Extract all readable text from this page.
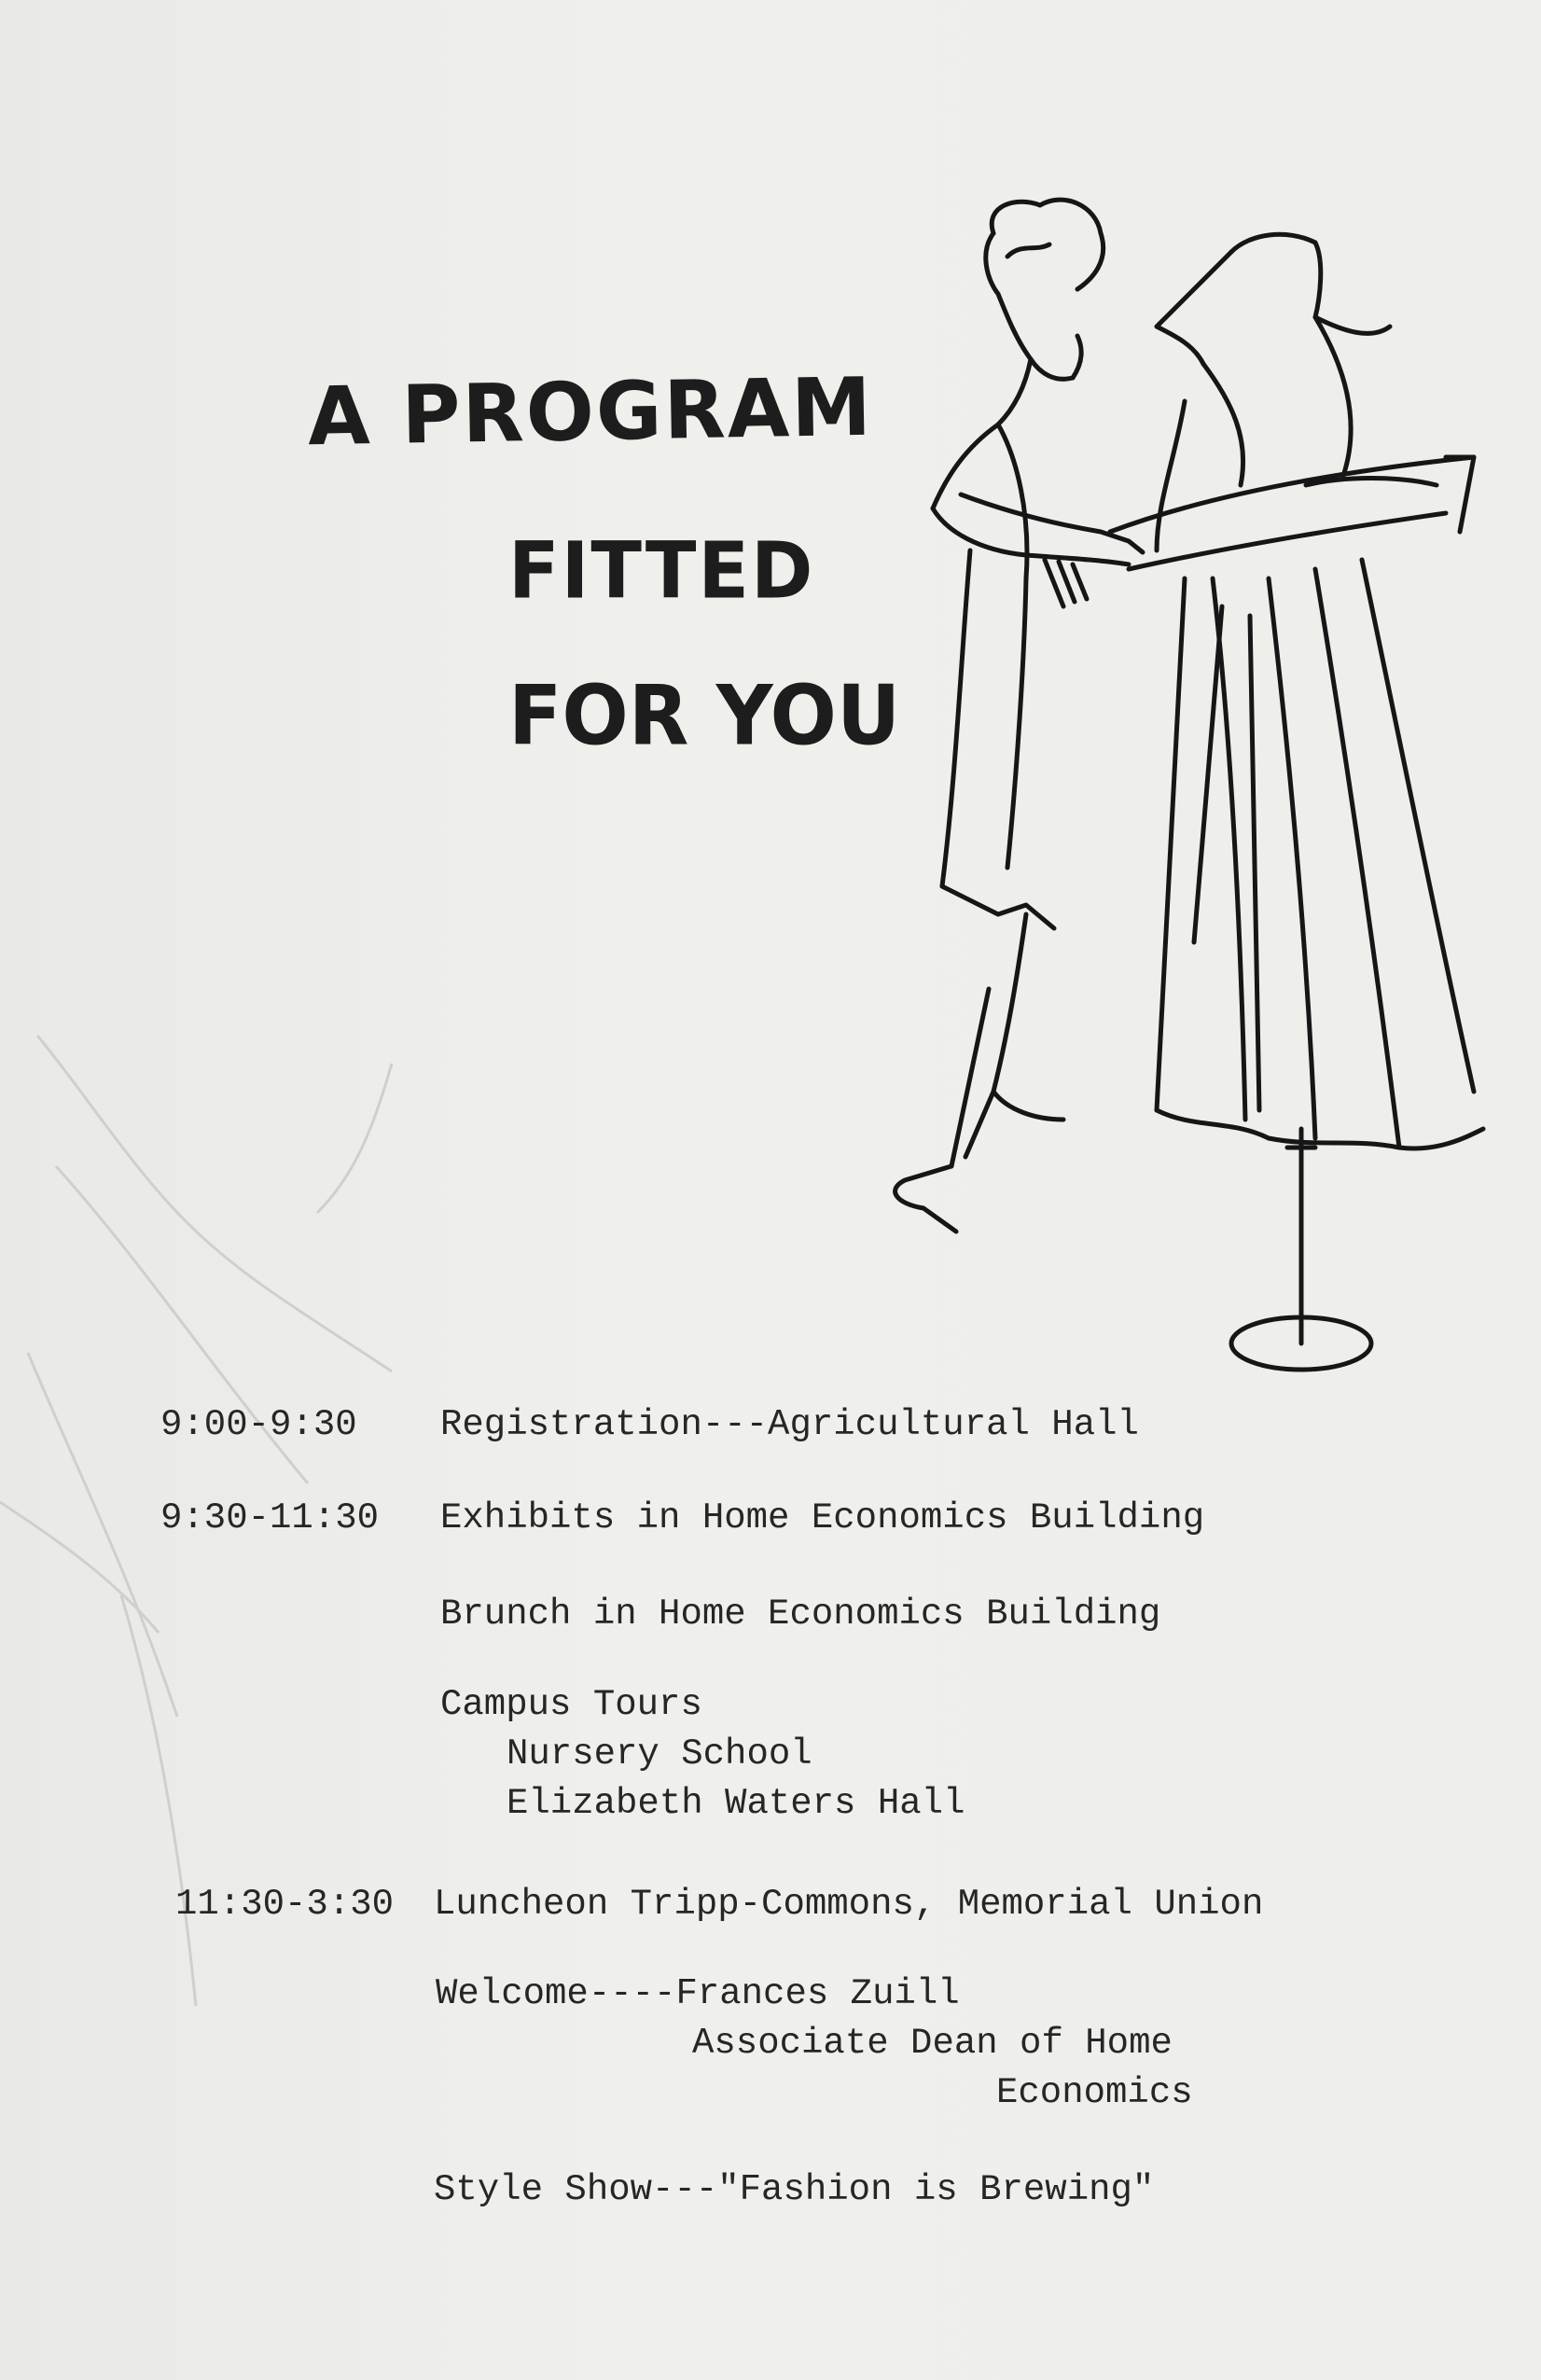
A PROGRAM
FITTED
FOR YOU
9:00-9:30 Registration---Agricultural Hall
9:30-11:30 Exhibits in Home Economics Building
Brunch in Home Economics Building
Campus Tours
Nursery School
Elizabeth Waters Hall
11:30-3:30 Luncheon Tripp-Commons, Memorial Union
Welcome----Frances Zuill
Associate Dean of Home
Economics
Style Show---"Fashion is Brewing"
